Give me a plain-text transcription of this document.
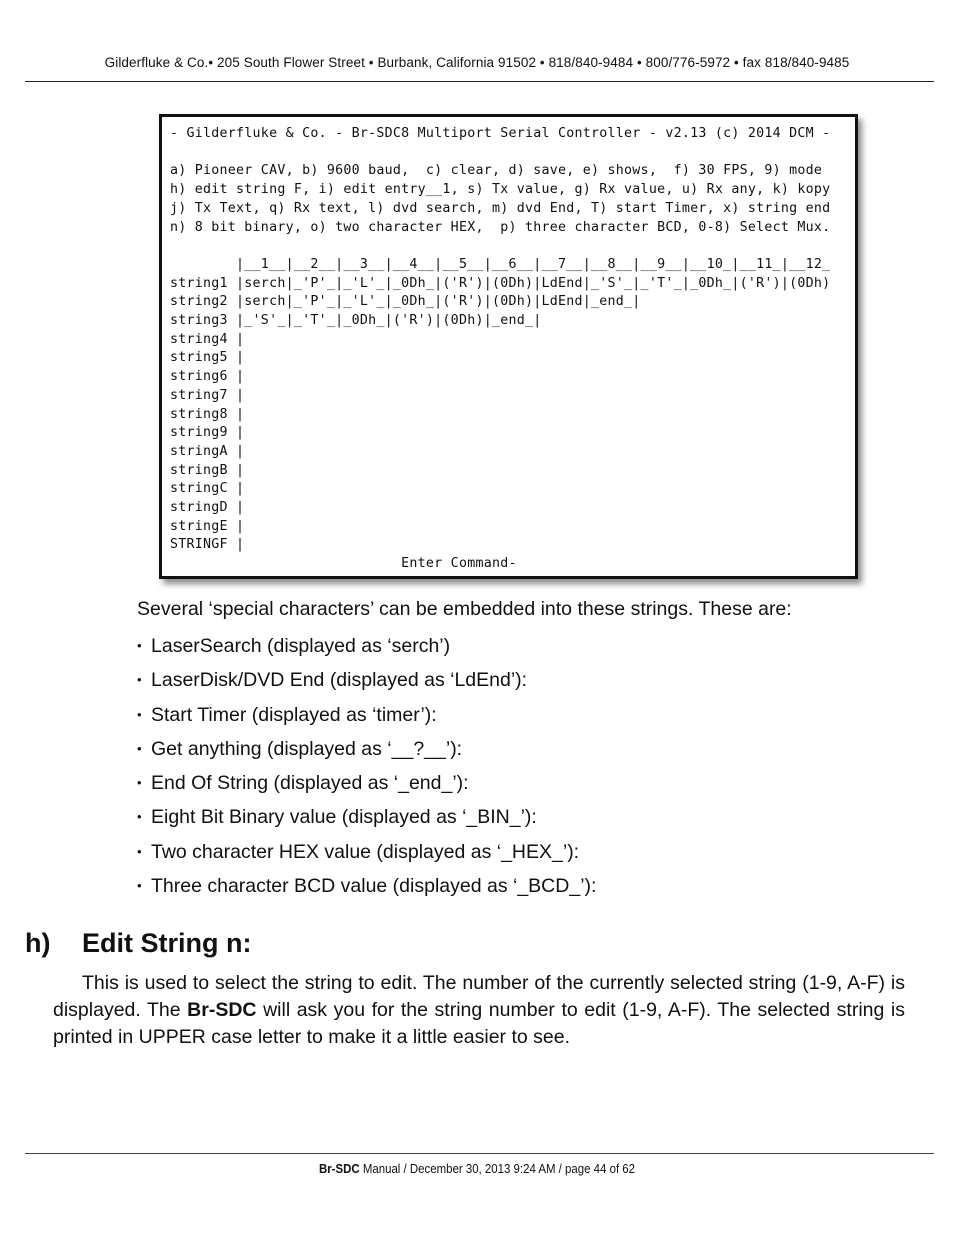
Gilderfluke & Co.• 205 South Flower Street • Burbank, California 91502 • 818/840-9484 • 800/776-5972 • fax 818/840-9485
- Gilderfluke & Co. - Br-SDC8 Multiport Serial Controller - v2.13 (c) 2014 DCM -

a) Pioneer CAV, b) 9600 baud,  c) clear, d) save, e) shows,  f) 30 FPS, 9) mode
h) edit string F, i) edit entry__1, s) Tx value, g) Rx value, u) Rx any, k) kopy
j) Tx Text, q) Rx text, l) dvd search, m) dvd End, T) start Timer, x) string end
n) 8 bit binary, o) two character HEX,  p) three character BCD, 0-8) Select Mux.

|__1__|__2__|__3__|__4__|__5__|__6__|__7__|__8__|__9__|__10_|__11_|__12_
string1 |serch|_'P'_|_'L'_|_0Dh_|('R')|(0Dh)|LdEnd|_'S'_|_'T'_|_0Dh_|('R')|(0Dh)
string2 |serch|_'P'_|_'L'_|_0Dh_|('R')|(0Dh)|LdEnd|_end_|
string3 |_'S'_|_'T'_|_0Dh_|('R')|(0Dh)|_end_|
string4 |
string5 |
string6 |
string7 |
string8 |
string9 |
stringA |
stringB |
stringC |
stringD |
stringE |
STRINGF |
Enter Command-
Several ‘special characters’ can be embedded into these strings. These are:
• LaserSearch (displayed as ‘serch’)
• LaserDisk/DVD End (displayed as ‘LdEnd’):
• Start Timer (displayed as ‘timer’):
• Get anything (displayed as ‘__?__’):
• End Of String (displayed as ‘_end_’):
• Eight Bit Binary value (displayed as ‘_BIN_’):
• Two character HEX value (displayed as ‘_HEX_’):
• Three character BCD value (displayed as ‘_BCD_’):
h) Edit String n:
This is used to select the string to edit. The number of the currently selected string (1-9, A-F) is displayed. The Br-SDC will ask you for the string number to edit (1-9, A-F). The selected string is printed in UPPER case letter to make it a little easier to see.
Br-SDC Manual / December 30, 2013 9:24 AM / page 44 of 62
